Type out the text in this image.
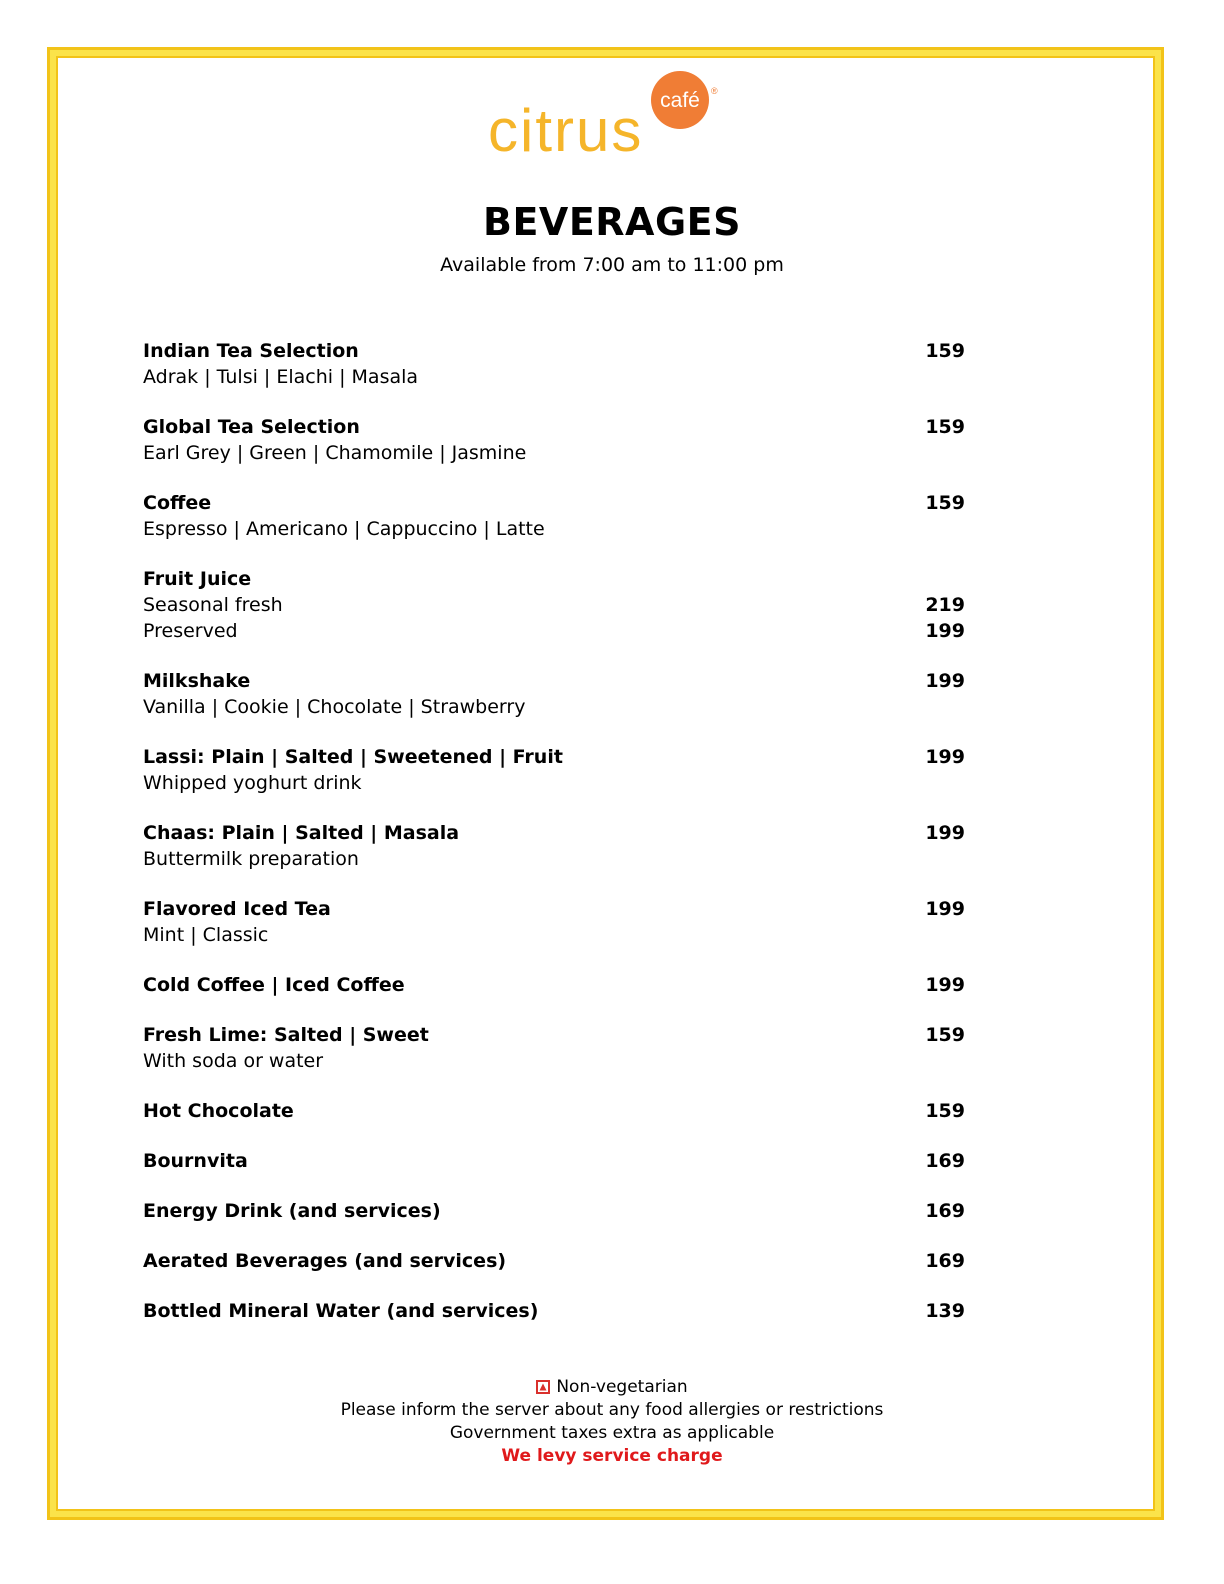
café ®
citrus
BEVERAGES
Available from 7:00 am to 11:00 pm
Indian Tea Selection	159
Adrak | Tulsi | Elachi | Masala
Global Tea Selection	159
Earl Grey | Green | Chamomile | Jasmine
Coffee	159
Espresso | Americano | Cappuccino | Latte
Fruit Juice
Seasonal fresh	219
Preserved	199
Milkshake	199
Vanilla | Cookie | Chocolate | Strawberry
Lassi: Plain | Salted | Sweetened | Fruit	199
Whipped yoghurt drink
Chaas: Plain | Salted | Masala	199
Buttermilk preparation
Flavored Iced Tea	199
Mint | Classic
Cold Coffee | Iced Coffee	199
Fresh Lime: Salted | Sweet	159
With soda or water
Hot Chocolate	159
Bournvita	169
Energy Drink (and services)	169
Aerated Beverages (and services)	169
Bottled Mineral Water (and services)	139
Non-vegetarian
Please inform the server about any food allergies or restrictions
Government taxes extra as applicable
We levy service charge
